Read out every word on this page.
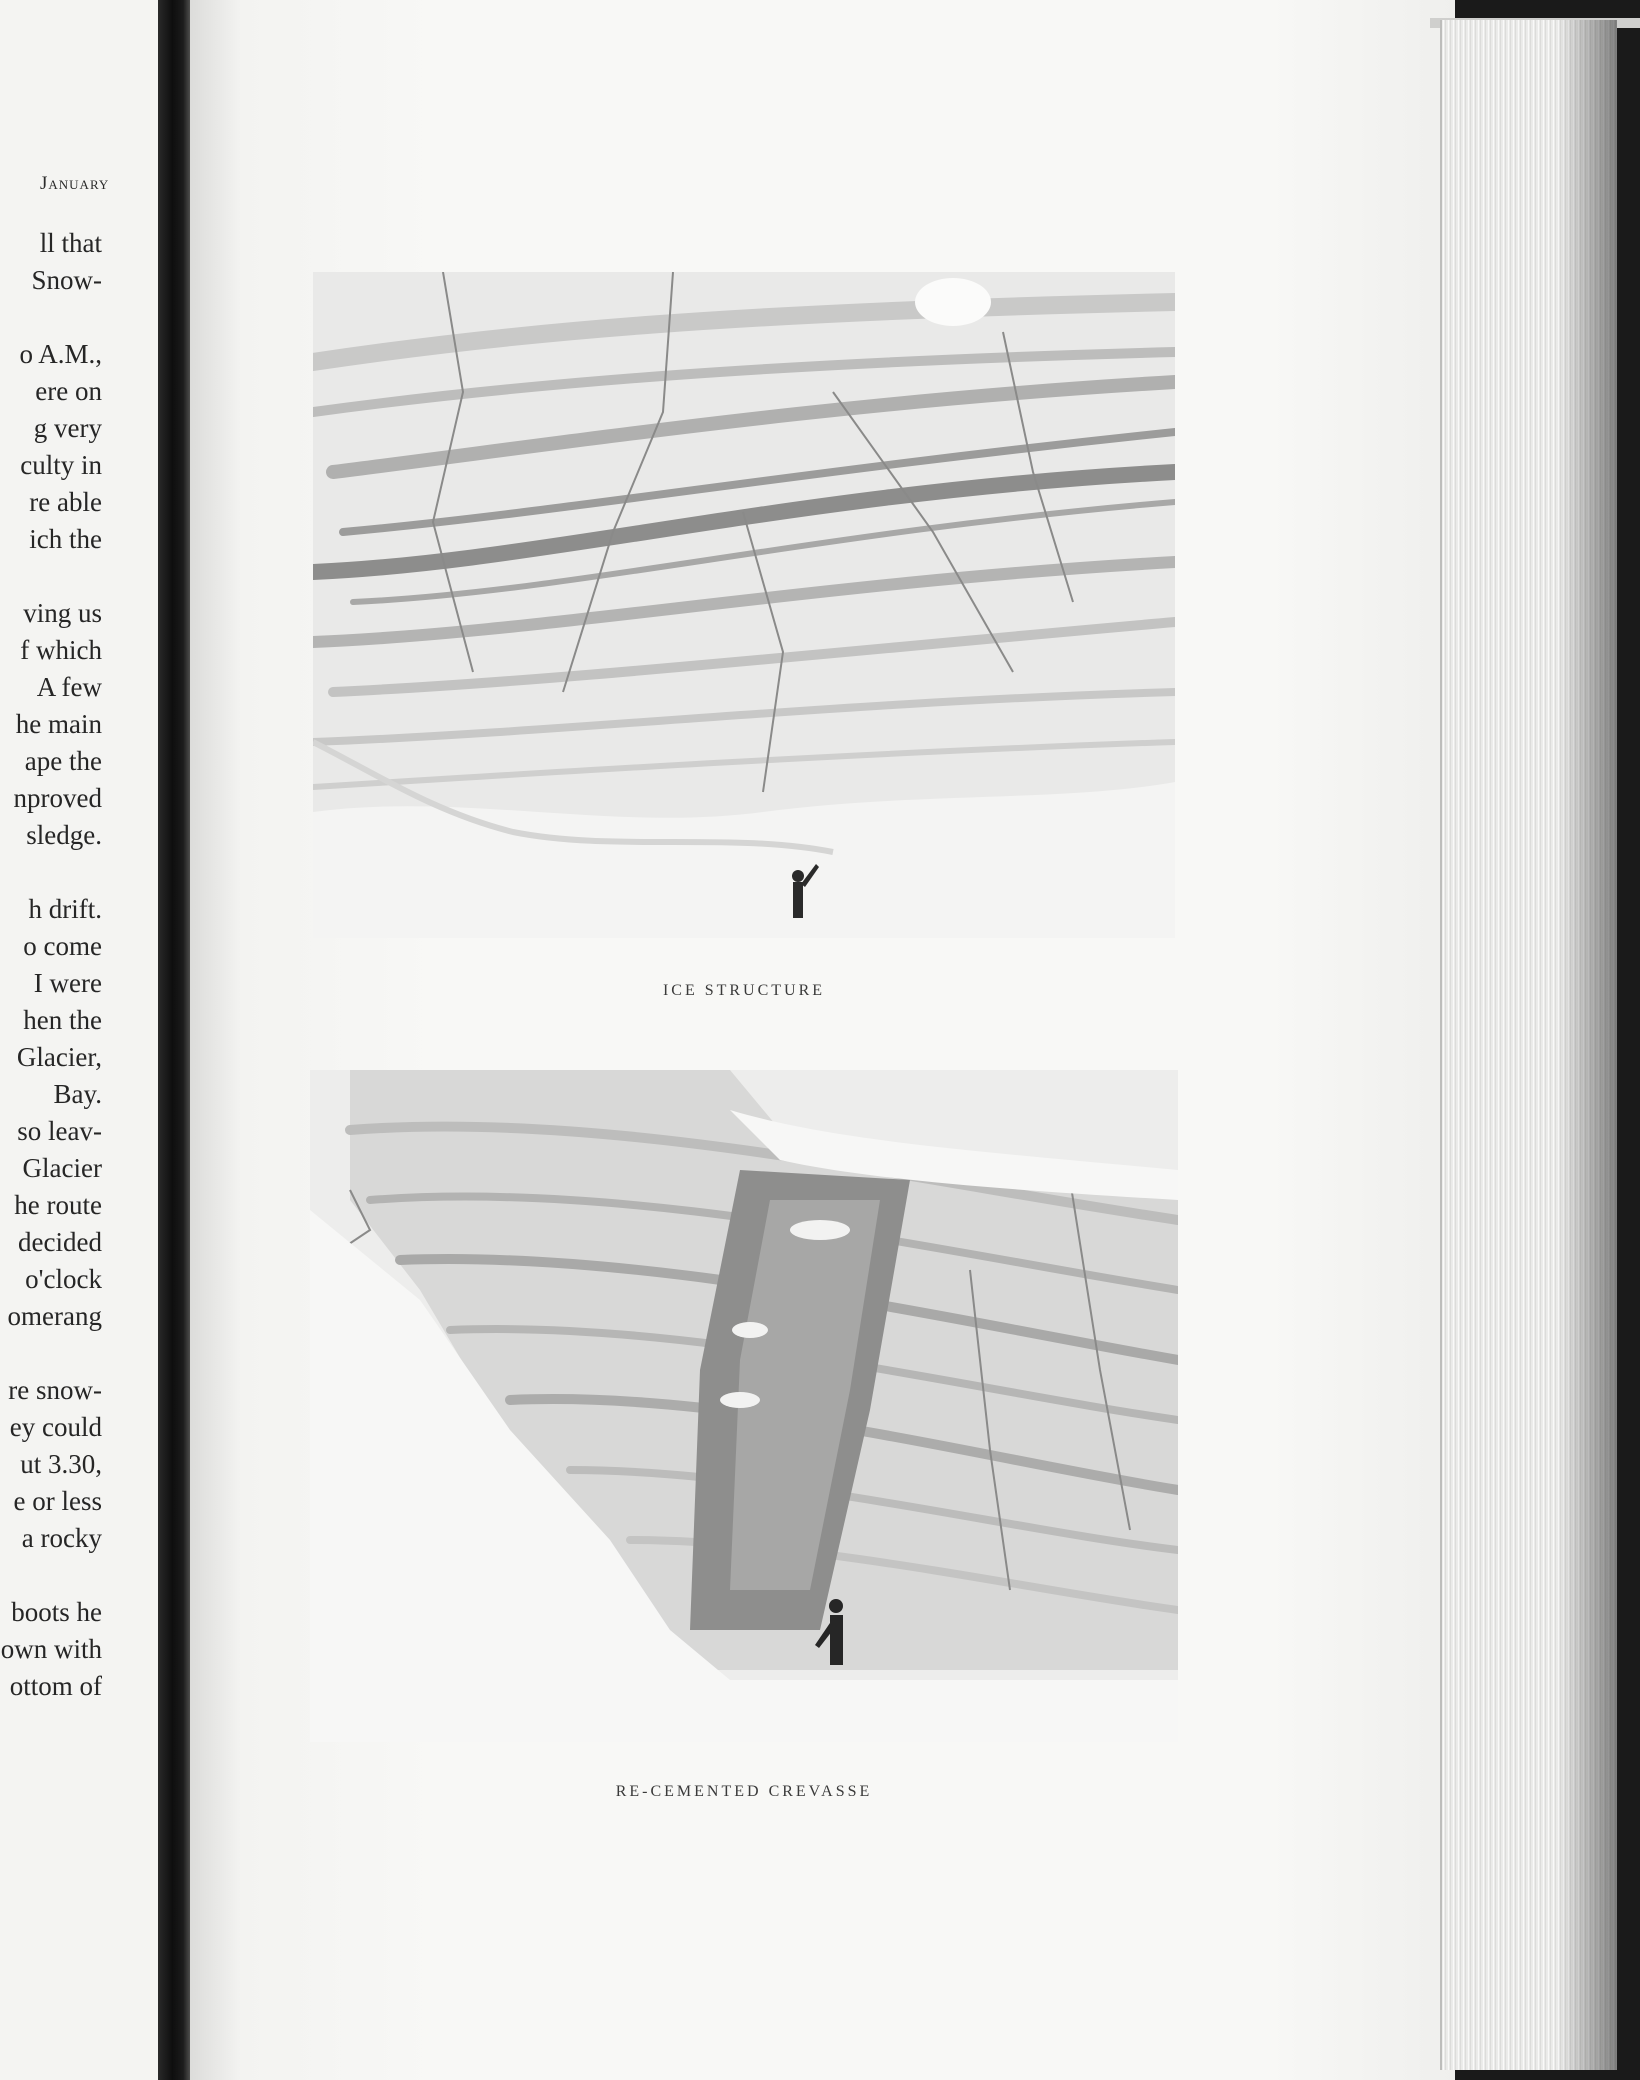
January
ll that
Snow-
o A.M.,
ere on
g very
culty in
re able
ich the
ving us
f which
A few
he main
ape the
nproved
sledge.
h drift.
o come
I were
hen the
Glacier,
Bay.
so leav-
Glacier
he route
decided
o'clock
omerang
re snow-
ey could
ut 3.30,
e or less
a rocky
boots he
own with
ottom of
ICE STRUCTURE
RE-CEMENTED CREVASSE
